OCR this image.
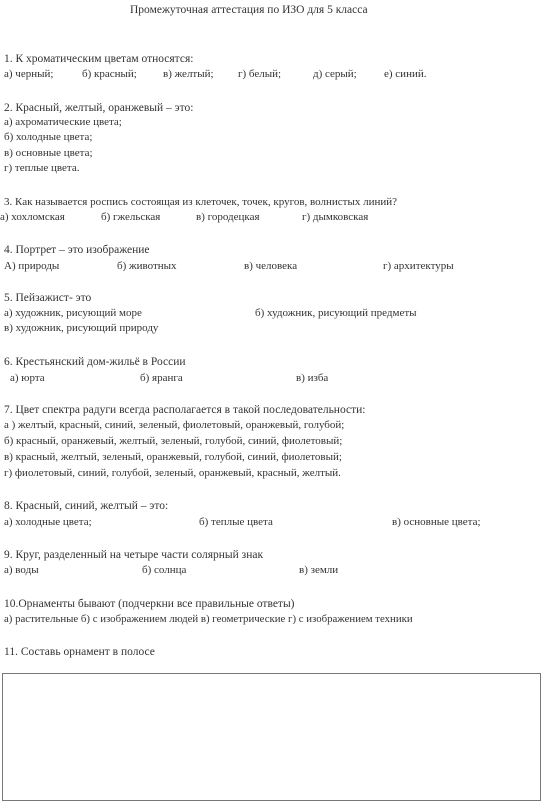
Промежуточная аттестация по ИЗО для 5 класса
1. К хроматическим цветам относятся:
а) черный;	б) красный; в) желтый; г) белый;	д) серый; е) синий.
2. Красный, желтый, оранжевый – это:
а) ахроматические цвета;
б) холодные цвета;
в) основные цвета;
г) теплые цвета.
3. Как называется роспись состоящая из клеточек, точек, кругов, волнистых линий?
а) хохломская	б) гжельская	в) городецкая	г) дымковская
4. Портрет – это изображение
А) природы	б) животных	в) человека	г) архитектуры
5. Пейзажист- это
а) художник, рисующий море	б) художник, рисующий предметы
в) художник, рисующий природу
6. Крестьянский дом-жильё в России
а) юрта	б) яранга	в) изба
7. Цвет спектра радуги всегда располагается в такой последовательности:
а ) желтый, красный, синий, зеленый, фиолетовый, оранжевый, голубой;
б) красный, оранжевый, желтый, зеленый, голубой, синий, фиолетовый;
в) красный, желтый, зеленый, оранжевый, голубой, синий, фиолетовый;
г) фиолетовый, синий, голубой, зеленый, оранжевый, красный, желтый.
8. Красный, синий, желтый – это:
а) холодные цвета;	б) теплые цвета	в) основные цвета;
9. Круг, разделенный на четыре части солярный знак
а) воды	б) солнца	в) земли
10.Орнаменты бывают (подчеркни все правильные ответы)
а) растительные б) с изображением людей в) геометрические г) с изображением техники
11. Составь орнамент в полосе
